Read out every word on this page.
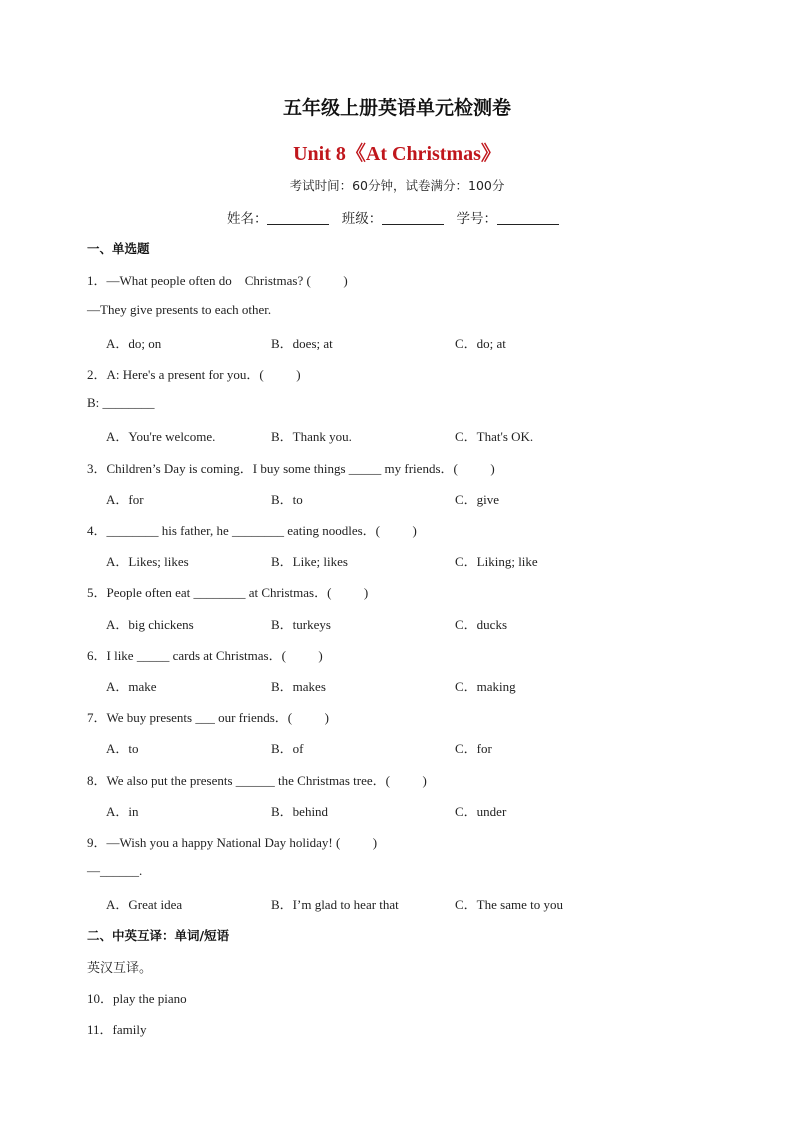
五年级上册英语单元检测卷
Unit 8《At Christmas》
考试时间：60分钟，试卷满分：100分
姓名：	班级：	学号：
一、单选题
1．—What people often do    Christmas? (          )
—They give presents to each other.
A．do; on	B．does; at	C．do; at
2．A: Here's a present for you．(          )
B: ________
A．You're welcome.	B．Thank you.	C．That's OK.
3．Children’s Day is coming．I buy some things _____ my friends．(          )
A．for	B．to	C．give
4．________ his father, he ________ eating noodles．(          )
A．Likes; likes	B．Like; likes	C．Liking; like
5．People often eat ________ at Christmas．(          )
A．big chickens	B．turkeys	C．ducks
6．I like _____ cards at Christmas．(          )
A．make	B．makes	C．making
7．We buy presents ___ our friends．(          )
A．to	B．of	C．for
8．We also put the presents ______ the Christmas tree．(          )
A．in	B．behind	C．under
9．—Wish you a happy National Day holiday! (          )
—______.
A．Great idea	B．I’m glad to hear that	C．The same to you
二、中英互译：单词/短语
英汉互译。
10．play the piano
11．family
